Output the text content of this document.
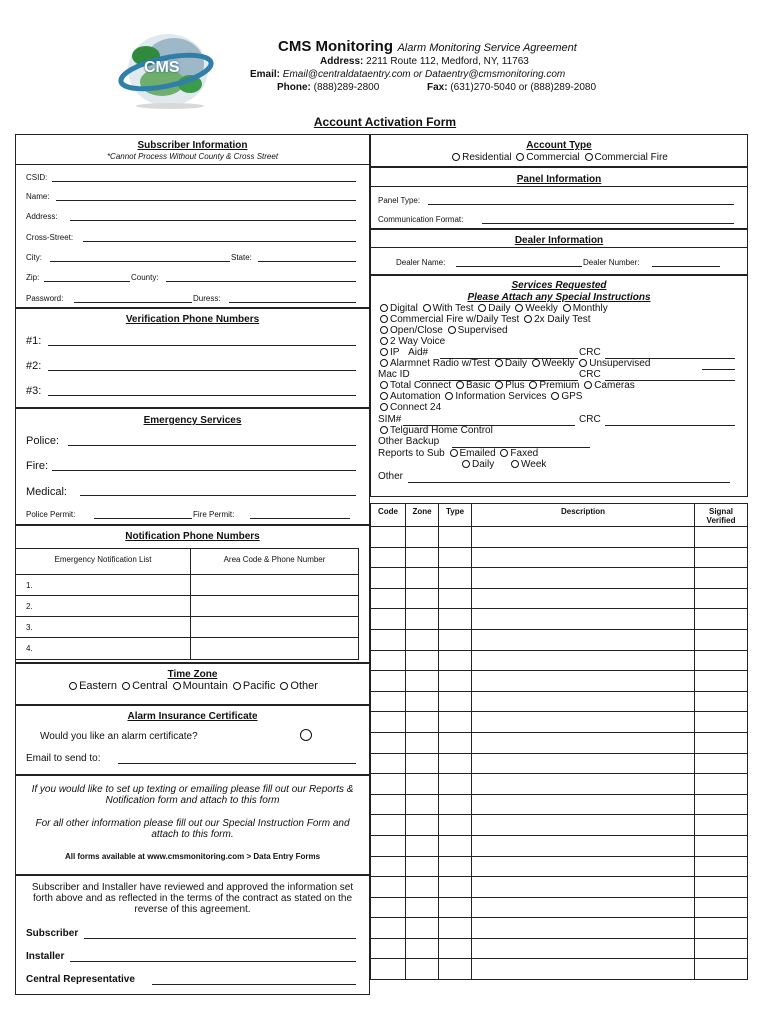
CMS
CMS Monitoring Alarm Monitoring Service Agreement
Address: 2211 Route 112, Medford, NY, 11763
Email: Email@centraldataentry.com or Dataentry@cmsmonitoring.com
Phone: (888)289-2800	Fax: (631)270-5040 or (888)289-2080
Account Activation Form
Subscriber Information
*Cannot Process Without County & Cross Street
CSID:
Name:
Address:
Cross-Street:
City:	State:
Zip:	County:
Password:	Duress:
Verification Phone Numbers
#1:
#2:
#3:
Emergency Services
Police:
Fire:
Medical:
Police Permit:	Fire Permit:
Notification Phone Numbers
Emergency Notification List	Area Code & Phone Number

1.	
2.	
3.	
4.	
Time Zone
Eastern Central Mountain Pacific Other
Alarm Insurance Certificate
Would you like an alarm certificate?
Email to send to:
If you would like to set up texting or emailing please fill out our Reports & Notification form and attach to this form
For all other information please fill out our Special Instruction Form and attach to this form.
All forms available at www.cmsmonitoring.com > Data Entry Forms
Subscriber and Installer have reviewed and approved the information set forth above and as reflected in the terms of the contract as stated on the reverse of this agreement.
Subscriber
Installer
Central Representative
Account Type
Residential Commercial Commercial Fire
Panel Information
Panel Type:
Communication Format:
Dealer Information
Dealer Name:	Dealer Number:
Services Requested
Please Attach any Special Instructions
Digital With Test Daily Weekly Monthly
Commercial Fire w/Daily Test 2x Daily Test
Open/Close Supervised
2 Way Voice
IP Aid#	CRC
Alarmnet Radio w/Test Daily Weekly Unsupervised
Mac ID	CRC
Total Connect Basic Plus Premium Cameras
Automation Information Services GPS
Connect 24
SIM#	CRC
Telguard Home Control
Other Backup
Reports to Sub Emailed Faxed
Daily	Week
Other
Code	Zone	Type	Description	Signal Verified
